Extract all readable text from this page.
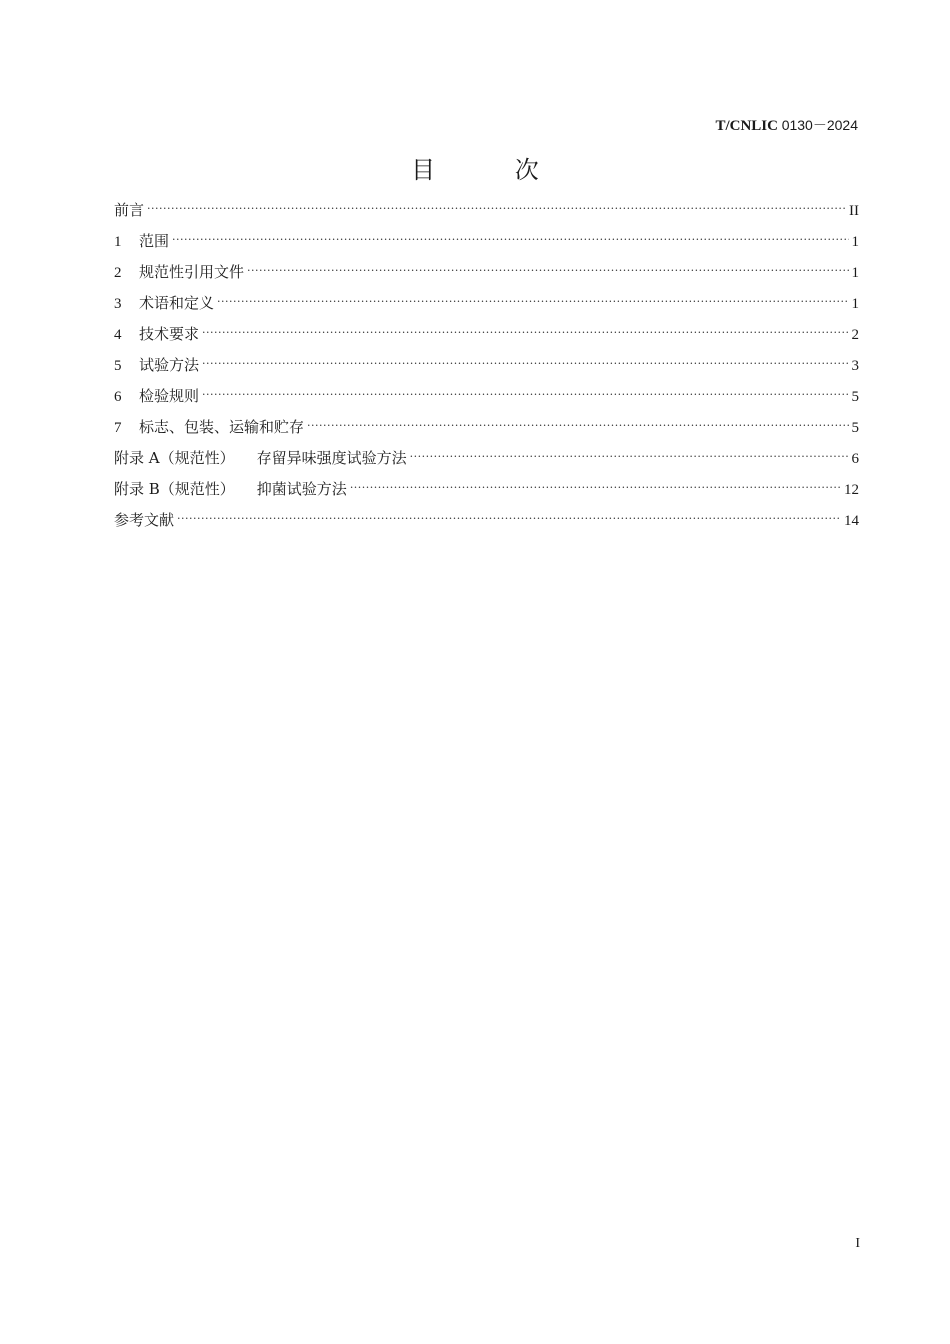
T/CNLIC 0130－2024
目 次
前言 ·····	II
1	范围 ·····	1
2	规范性引用文件 ·····	1
3	术语和定义 ·····	1
4	技术要求 ·····	2
5	试验方法 ·····	3
6	检验规则 ·····	5
7	标志、包装、运输和贮存 ·····	5
附录 A（规范性） 存留异味强度试验方法 ·····	6
附录 B（规范性） 抑菌试验方法 ·····	12
参考文献 ·····	14
I
